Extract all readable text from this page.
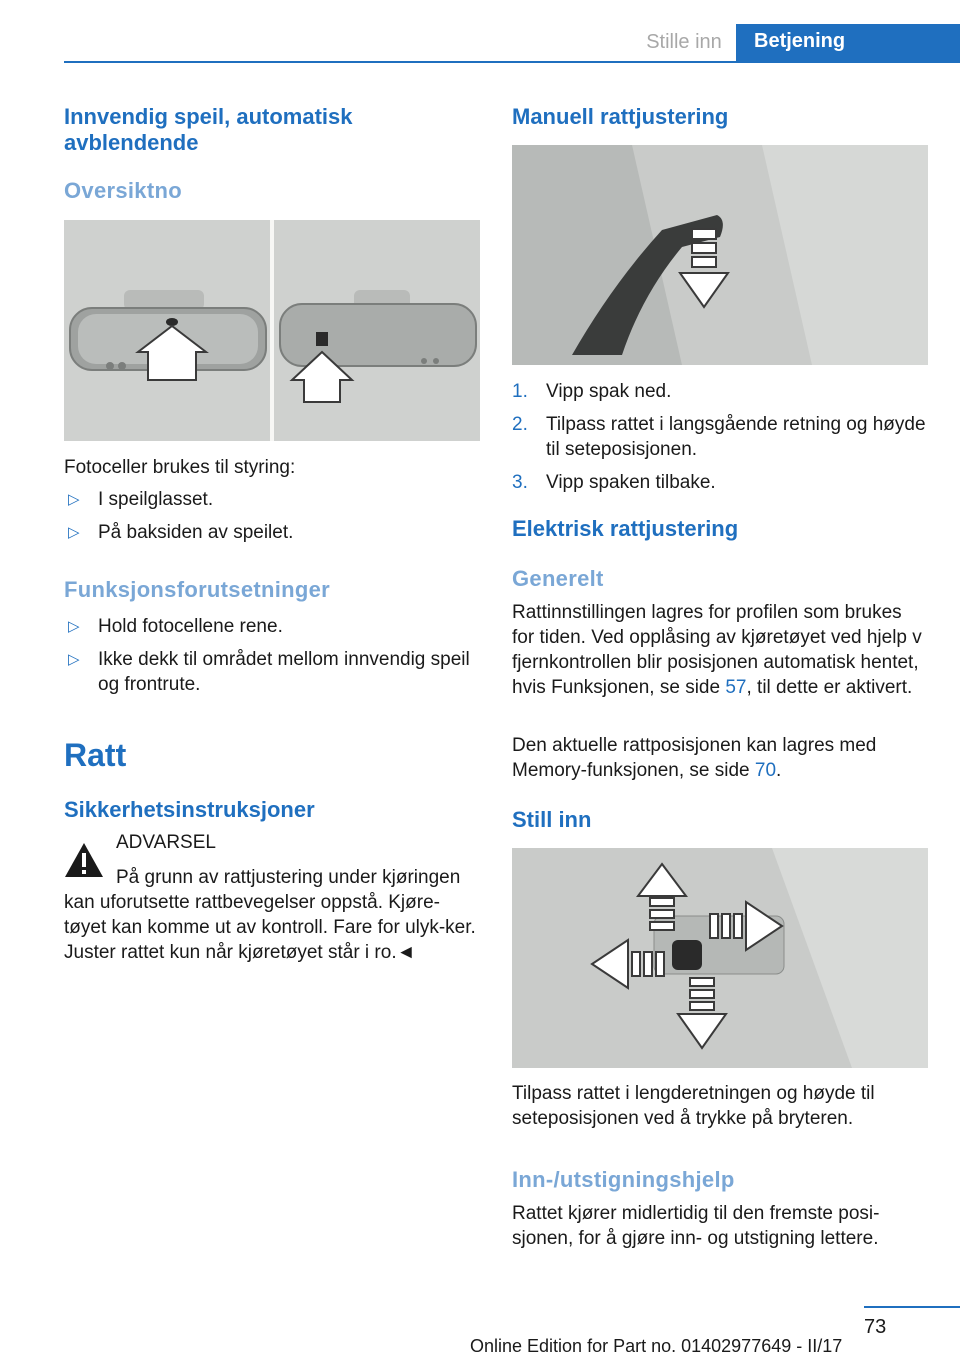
Stille inn	Betjening
Innvendig speil, automatisk avblendende
Oversiktno

Fotoceller brukes til styring:

▷ I speilglasset.
▷ På baksiden av speilet.
Funksjonsforutsetninger
▷ Hold fotocellene rene.
▷ Ikke dekk til området mellom innvendig speil og frontrute.
Ratt
Sikkerhetsinstruksjoner
ADVARSEL

På grunn av rattjustering under kjøringen kan uforutsette rattbevegelser oppstå. Kjøre-tøyet kan komme ut av kontroll. Fare for ulyk-ker. Juster rattet kun når kjøretøyet står i ro.◄

Manuell rattjustering
1. Vipp spak ned.
2. Tilpass rattet i langsgående retning og høyde til seteposisjonen.
3. Vipp spaken tilbake.
Elektrisk rattjustering
Generelt

Rattinnstillingen lagres for profilen som brukes for tiden. Ved opplåsing av kjøretøyet ved hjelp v fjernkontrollen blir posisjonen automatisk hentet, hvis Funksjonen, se side 57, til dette er aktivert.

Den aktuelle rattposisjonen kan lagres med Memory-funksjonen, se side 70.

Still inn

Tilpass rattet i lengderetningen og høyde til seteposisjonen ved å trykke på bryteren.

Inn-/utstigningshjelp

Rattet kjører midlertidig til den fremste posi-sjonen, for å gjøre inn- og utstigning lettere.

73
Online Edition for Part no. 01402977649 - II/17
